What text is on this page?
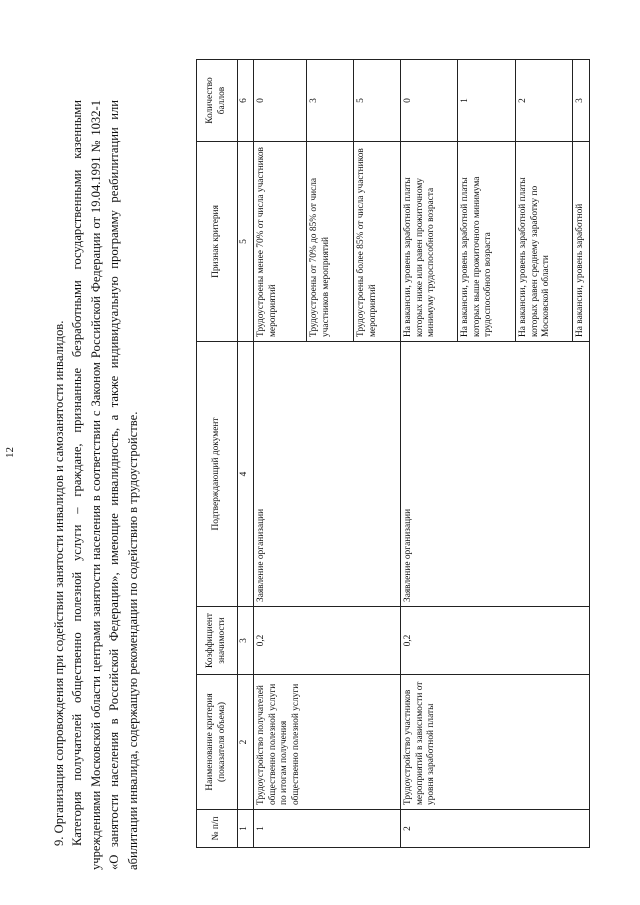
12	9. Организация сопровождения при содействии занятости инвалидов и самозанятости инвалидов. Категория получателей общественно полезной услуги – граждане, признанные безработными государственными казенными учреждениями Московской области центрами занятости населения в соответствии с Законом Российской Федерации от 19.04.1991 № 1032-1 «О занятости населения в Российской Федерации», имеющие инвалидность, а также индивидуальную программу реабилитации или абилитации инвалида, содержащую рекомендации по содействию в трудоустройстве.	№ п/п	Наименование критерия (показателя объема)	Коэффициент значимости	Подтверждающий документ	Признак критерия	Количество баллов
1	2	3	4	5	6
1	Трудоустройство получателей общественно полезной услуги по итогам получения общественно полезной услуги	0,2	Заявление организации	Трудоустроены менее 70% от числа участников мероприятий	0
				Трудоустроены от 70% до 85% от числа участников мероприятий	3
				Трудоустроены более 85% от числа участников мероприятий	5
2	Трудоустройство участников мероприятий в зависимости от уровня заработной платы	0,2	Заявление организации	На вакансии, уровень заработной платы которых ниже или равен прожиточному минимуму трудоспособного возраста	0
				На вакансии, уровень заработной платы которых выше прожиточного минимума трудоспособного возраста	1
				На вакансии, уровень заработной платы которых равен среднему заработку по Московской области	2
				На вакансии, уровень заработной	3
